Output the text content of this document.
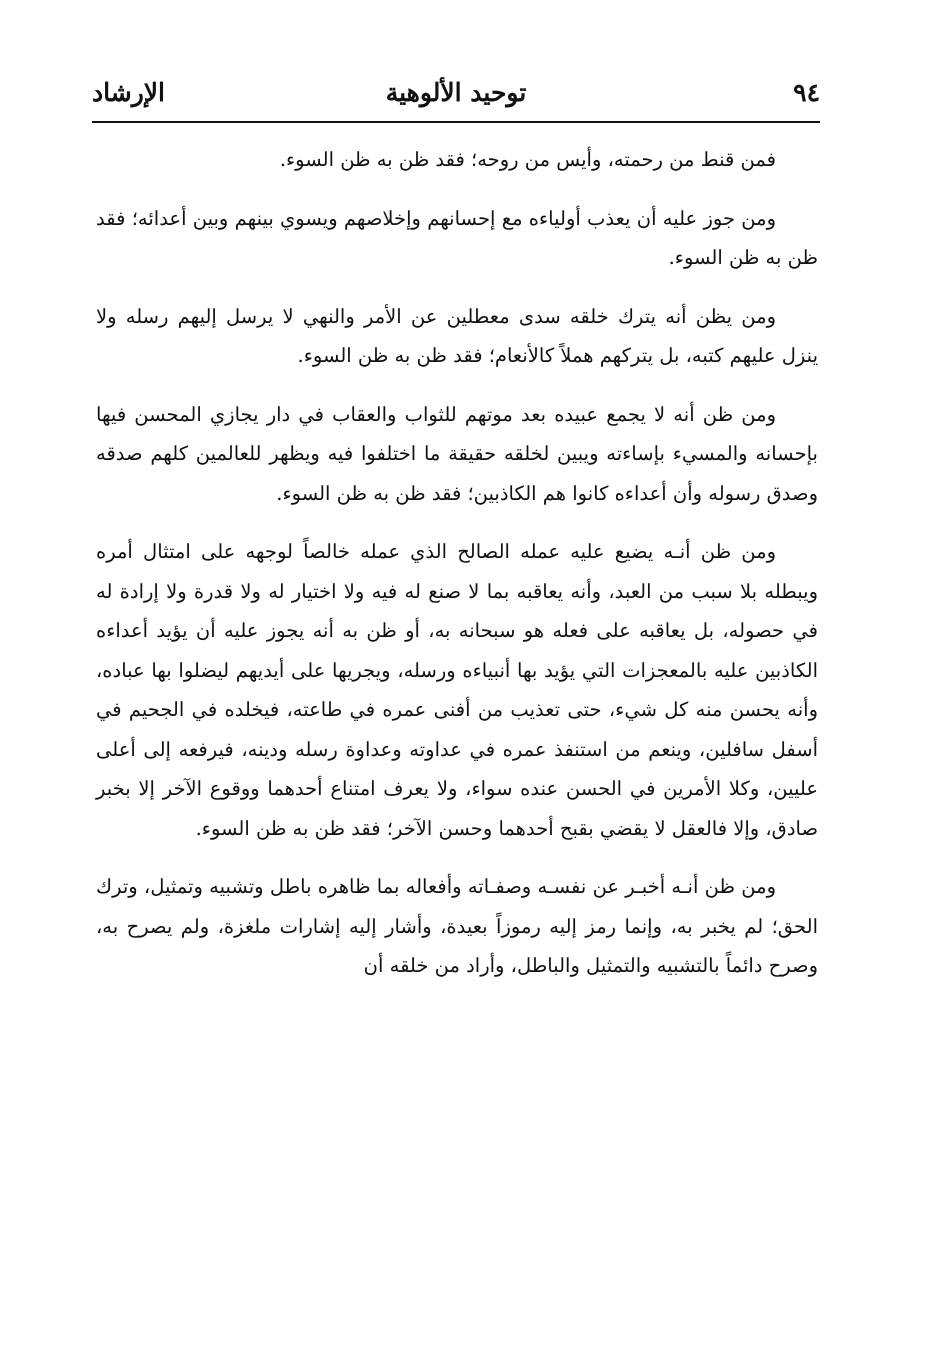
٩٤
توحيد الألوهية
الإرشاد

فمن قنط من رحمته، وأيس من روحه؛ فقد ظن به ظن السوء.

ومن جوز عليه أن يعذب أولياءه مع إحسانهم وإخلاصهم ويسوي بينهم وبين أعدائه؛ فقد ظن به ظن السوء.

ومن يظن أنه يترك خلقه سدى معطلين عن الأمر والنهي لا يرسل إليهم رسله ولا ينزل عليهم كتبه، بل يتركهم هملاً كالأنعام؛ فقد ظن به ظن السوء.

ومن ظن أنه لا يجمع عبيده بعد موتهم للثواب والعقاب في دار يجازي المحسن فيها بإحسانه والمسيء بإساءته ويبين لخلقه حقيقة ما اختلفوا فيه ويظهر للعالمين كلهم صدقه وصدق رسوله وأن أعداءه كانوا هم الكاذبين؛ فقد ظن به ظن السوء.

ومن ظن أنـه يضيع عليه عمله الصالح الذي عمله خالصاً لوجهه على امتثال أمره ويبطله بلا سبب من العبد، وأنه يعاقبه بما لا صنع له فيه ولا اختيار له ولا قدرة ولا إرادة له في حصوله، بل يعاقبه على فعله هو سبحانه به، أو ظن به أنه يجوز عليه أن يؤيد أعداءه الكاذبين عليه بالمعجزات التي يؤيد بها أنبياءه ورسله، ويجريها على أيديهم ليضلوا بها عباده، وأنه يحسن منه كل شيء، حتى تعذيب من أفنى عمره في طاعته، فيخلده في الجحيم في أسفل سافلين، وينعم من استنفذ عمره في عداوته وعداوة رسله ودينه، فيرفعه إلى أعلى عليين، وكلا الأمرين في الحسن عنده سواء، ولا يعرف امتناع أحدهما ووقوع الآخر إلا بخبر صادق، وإلا فالعقل لا يقضي بقبح أحدهما وحسن الآخر؛ فقد ظن به ظن السوء.

ومن ظن أنـه أخبـر عن نفسـه وصفـاته وأفعاله بما ظاهره باطل وتشبيه وتمثيل، وترك الحق؛ لم يخبر به، وإنما رمز إليه رموزاً بعيدة، وأشار إليه إشارات ملغزة، ولم يصرح به، وصرح دائماً بالتشبيه والتمثيل والباطل، وأراد من خلقه أن
